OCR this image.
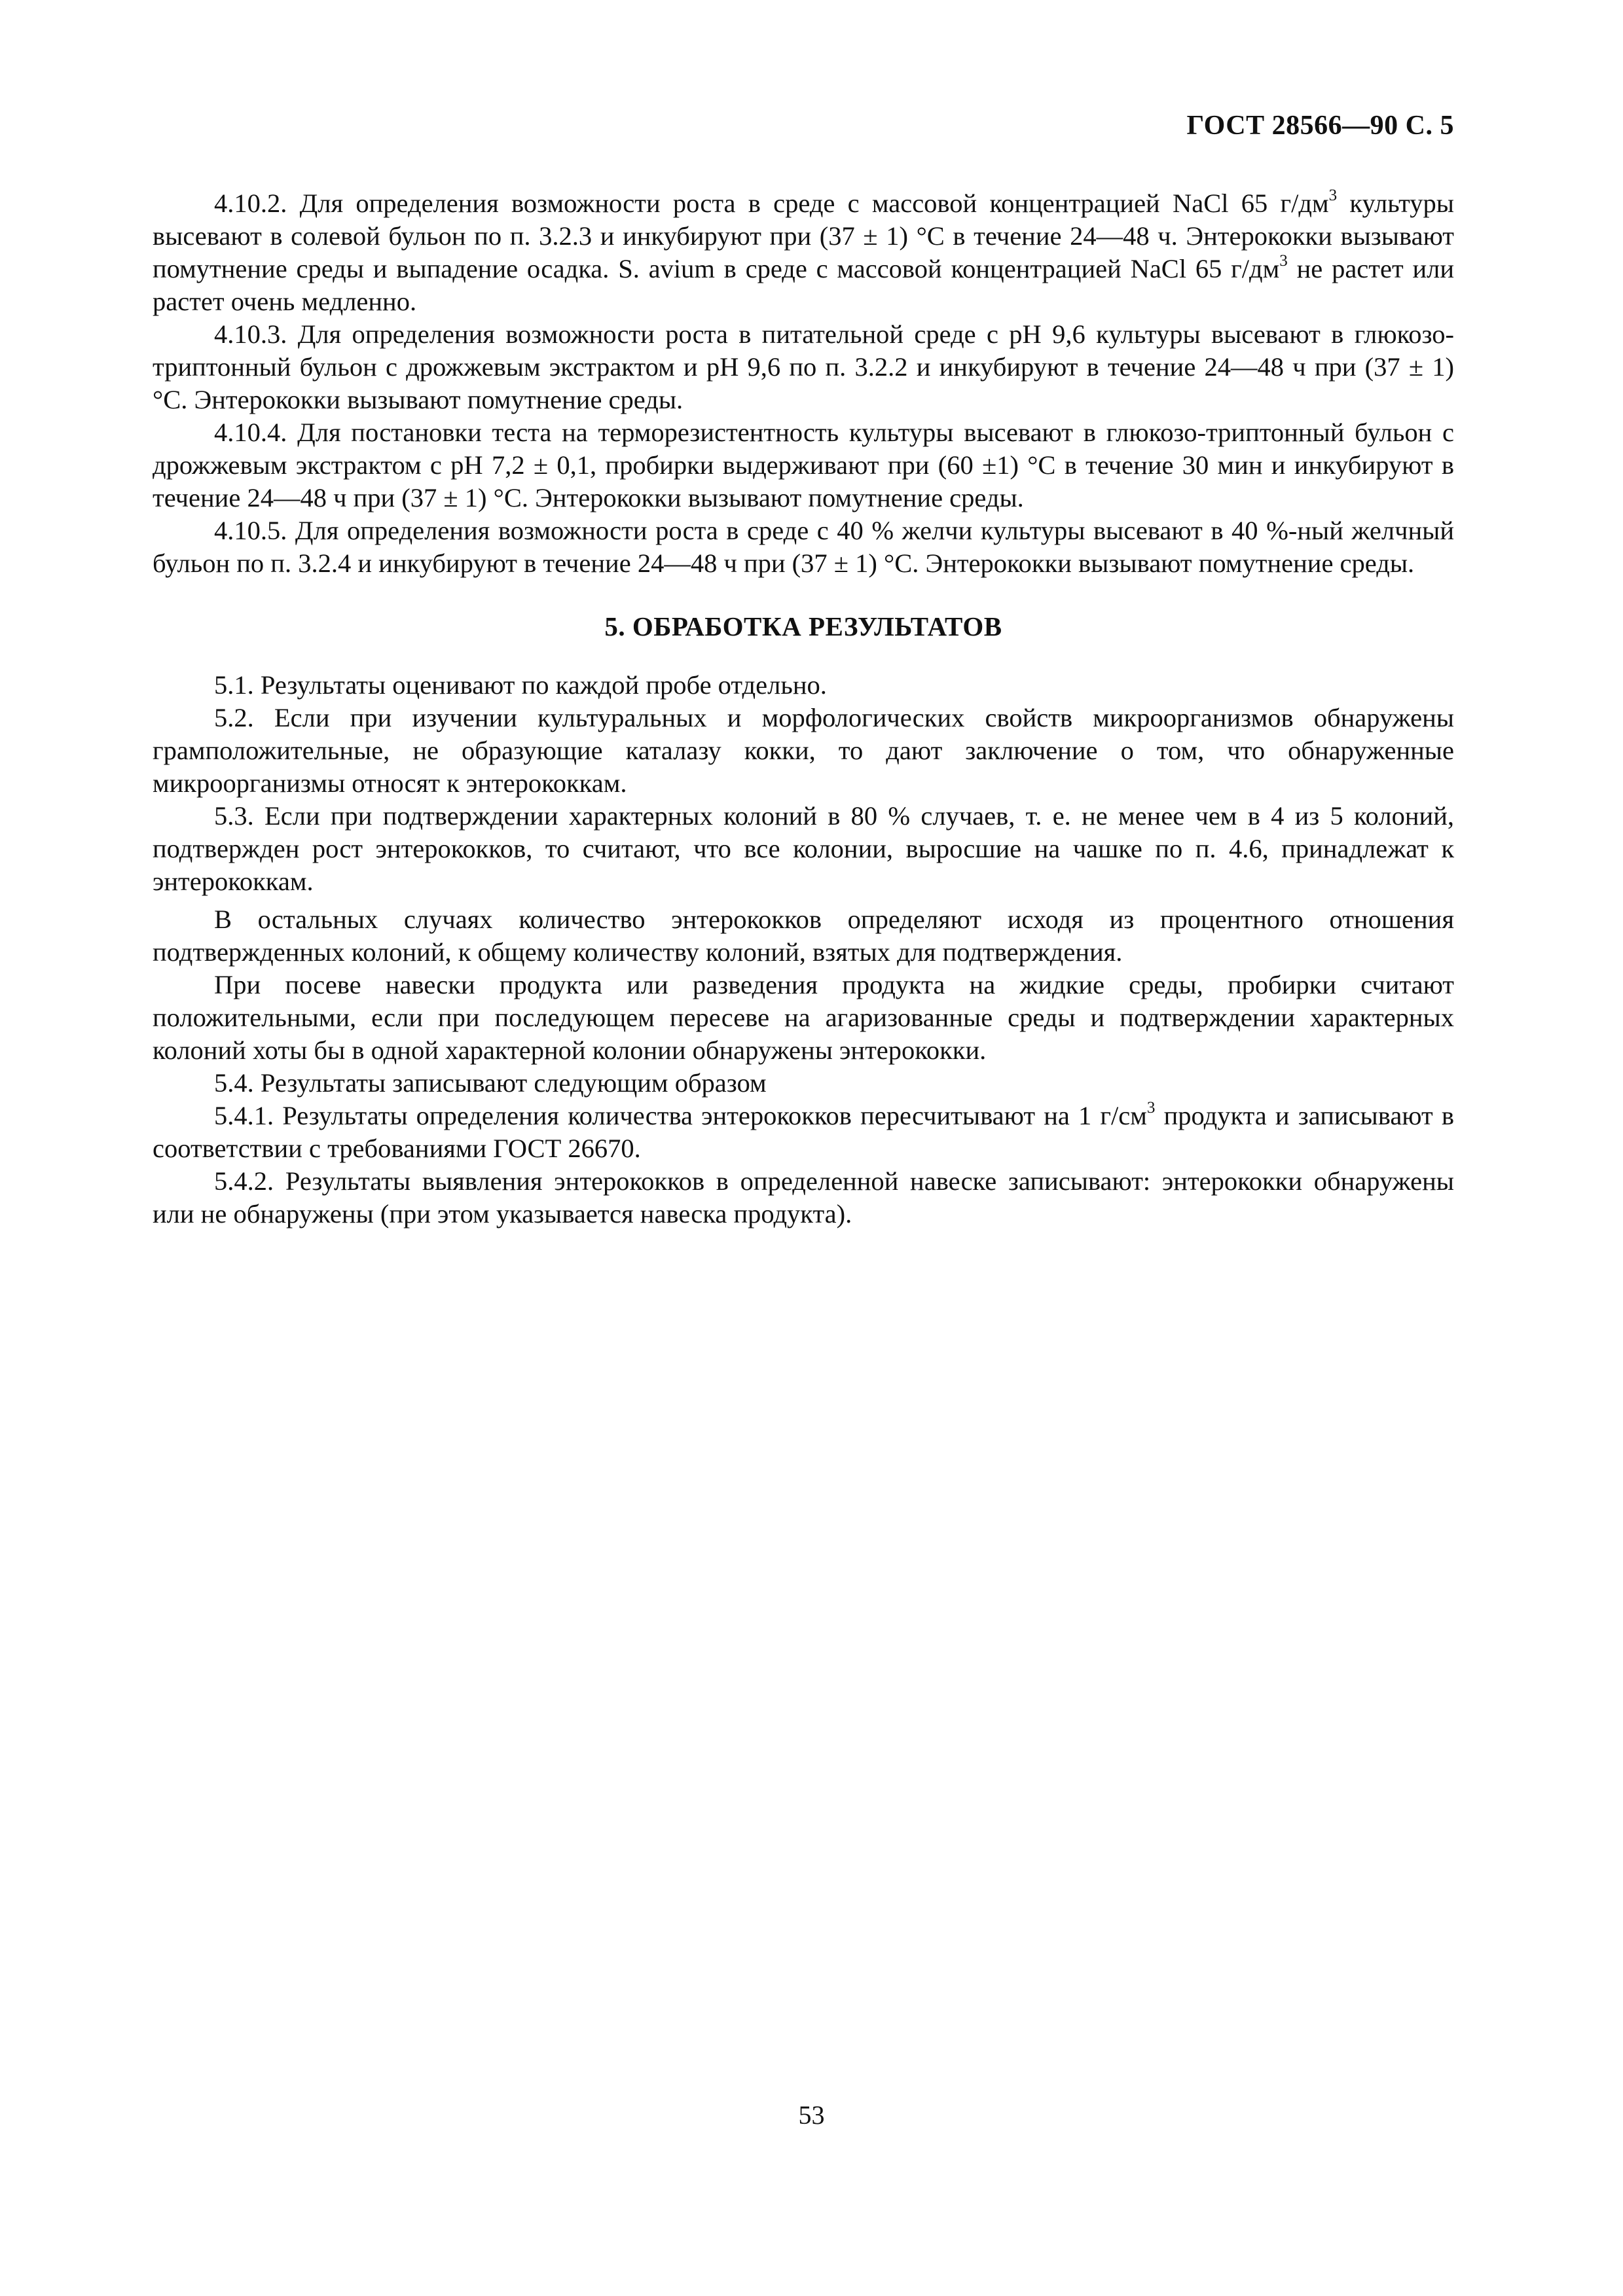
ГОСТ 28566—90 С. 5

4.10.2. Для определения возможности роста в среде с массовой концентрацией NaCl 65 $г/дм^3$ культуры высевают в солевой бульон по п. 3.2.3 и инкубируют при (37 ± 1) °С в течение 24—48 ч. Энтерококки вызывают помутнение среды и выпадение осадка. S. avium в среде с массовой концентрацией NaCl 65 $г/дм^3$ не растет или растет очень медленно.

4.10.3. Для определения возможности роста в питательной среде с рН 9,6 культуры высевают в глюкозо-триптонный бульон с дрожжевым экстрактом и рН 9,6 по п. 3.2.2 и инкубируют в течение 24—48 ч при (37 ± 1) °С. Энтерококки вызывают помутнение среды.

4.10.4. Для постановки теста на терморезистентность культуры высевают в глюкозо-триптонный бульон с дрожжевым экстрактом с рН 7,2 ± 0,1, пробирки выдерживают при (60 ±1) °С в течение 30 мин и инкубируют в течение 24—48 ч при (37 ± 1) °С. Энтерококки вызывают помутнение среды.

4.10.5. Для определения возможности роста в среде с 40 % желчи культуры высевают в 40 %-ный желчный бульон по п. 3.2.4 и инкубируют в течение 24—48 ч при (37 ± 1) °С. Энтерококки вызывают помутнение среды.

5. ОБРАБОТКА РЕЗУЛЬТАТОВ

5.1. Результаты оценивают по каждой пробе отдельно.

5.2. Если при изучении культуральных и морфологических свойств микроорганизмов обнаружены грамположительные, не образующие каталазу кокки, то дают заключение о том, что обнаруженные микроорганизмы относят к энтерококкам.

5.3. Если при подтверждении характерных колоний в 80 % случаев, т. е. не менее чем в 4 из 5 колоний, подтвержден рост энтерококков, то считают, что все колонии, выросшие на чашке по п. 4.6, принадлежат к энтерококкам.

В остальных случаях количество энтерококков определяют исходя из процентного отношения подтвержденных колоний, к общему количеству колоний, взятых для подтверждения.

При посеве навески продукта или разведения продукта на жидкие среды, пробирки считают положительными, если при последующем пересеве на агаризованные среды и подтверждении характерных колоний хоты бы в одной характерной колонии обнаружены энтерококки.

5.4. Результаты записывают следующим образом

5.4.1. Результаты определения количества энтерококков пересчитывают на 1 $г/см^3$ продукта и записывают в соответствии с требованиями ГОСТ 26670.

5.4.2. Результаты выявления энтерококков в определенной навеске записывают: энтерококки обнаружены или не обнаружены (при этом указывается навеска продукта).

53
